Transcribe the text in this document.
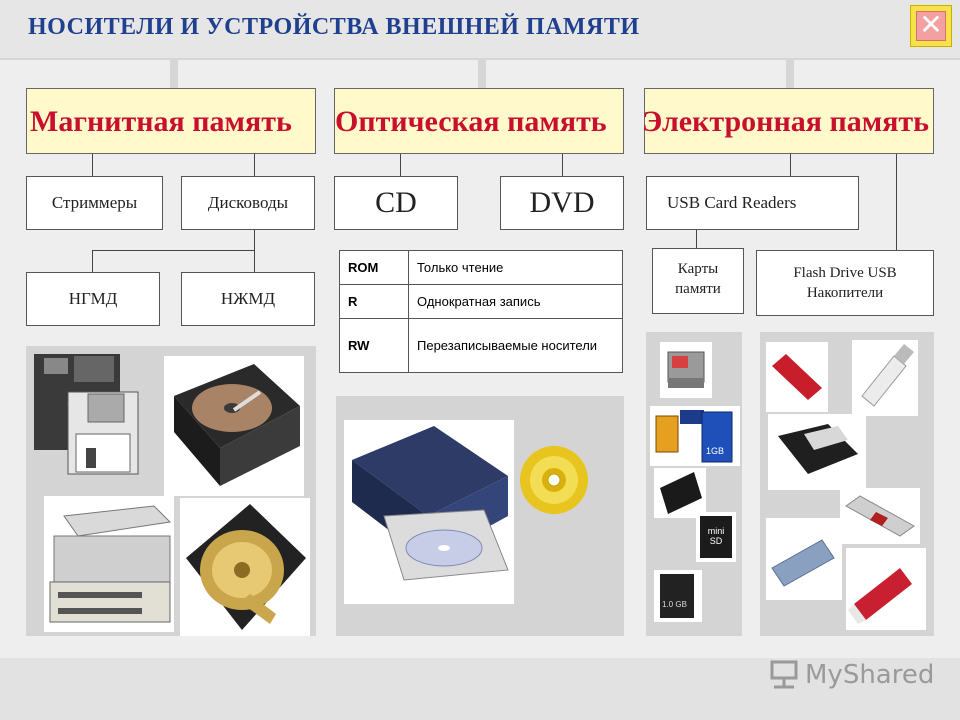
НОСИТЕЛИ И УСТРОЙСТВА ВНЕШНЕЙ ПАМЯТИ	✕
Магнитная память Оптическая память Электронная память
Стриммеры	Дисководы
НГМД	НЖМД
CD	DVD
ROM	Только чтение
R	Однократная запись
RW	Перезаписываемые носители
USB Card Readers
Карты памяти
Flash Drive USB Накопители
1GB
mini SD
1.0 GB
MyShared
